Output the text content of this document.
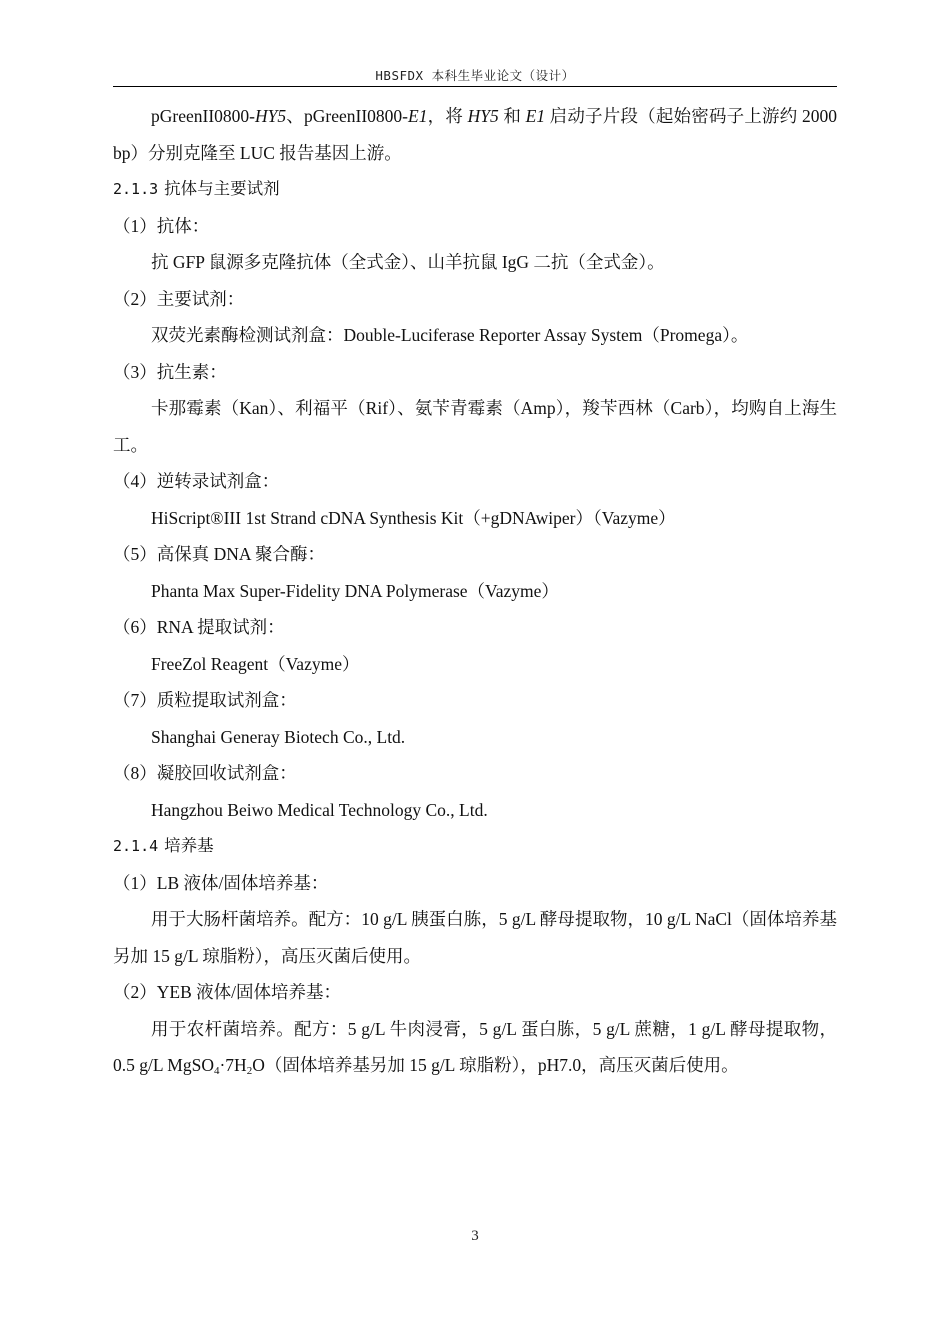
HBSFDX 本科生毕业论文（设计）

pGreenII0800-HY5、pGreenII0800-E1，将 HY5 和 E1 启动子片段（起始密码子上游约 2000 bp）分别克隆至 LUC 报告基因上游。

2.1.3 抗体与主要试剂

（1）抗体：

抗 GFP 鼠源多克隆抗体（全式金）、山羊抗鼠 IgG 二抗（全式金）。

（2）主要试剂：

双荧光素酶检测试剂盒：Double-Luciferase Reporter Assay System（Promega）。

（3）抗生素：

卡那霉素（Kan）、利福平（Rif）、氨苄青霉素（Amp），羧苄西林（Carb），均购自上海生工。

（4）逆转录试剂盒：

HiScript®III 1st Strand cDNA Synthesis Kit（+gDNAwiper）（Vazyme）

（5）高保真 DNA 聚合酶：

Phanta Max Super-Fidelity DNA Polymerase（Vazyme）

（6）RNA 提取试剂：

FreeZol Reagent（Vazyme）

（7）质粒提取试剂盒：

Shanghai Generay Biotech Co., Ltd.

（8）凝胶回收试剂盒：

Hangzhou Beiwo Medical Technology Co., Ltd.

2.1.4 培养基

（1）LB 液体/固体培养基：

用于大肠杆菌培养。配方：10 g/L 胰蛋白胨，5 g/L 酵母提取物，10 g/L NaCl（固体培养基另加 15 g/L 琼脂粉），高压灭菌后使用。

（2）YEB 液体/固体培养基：

用于农杆菌培养。配方：5 g/L 牛肉浸膏，5 g/L 蛋白胨，5 g/L 蔗糖，1 g/L 酵母提取物，0.5 g/L $MgSO_4\cdot 7H_2O$（固体培养基另加 15 g/L 琼脂粉），pH7.0，高压灭菌后使用。

3
